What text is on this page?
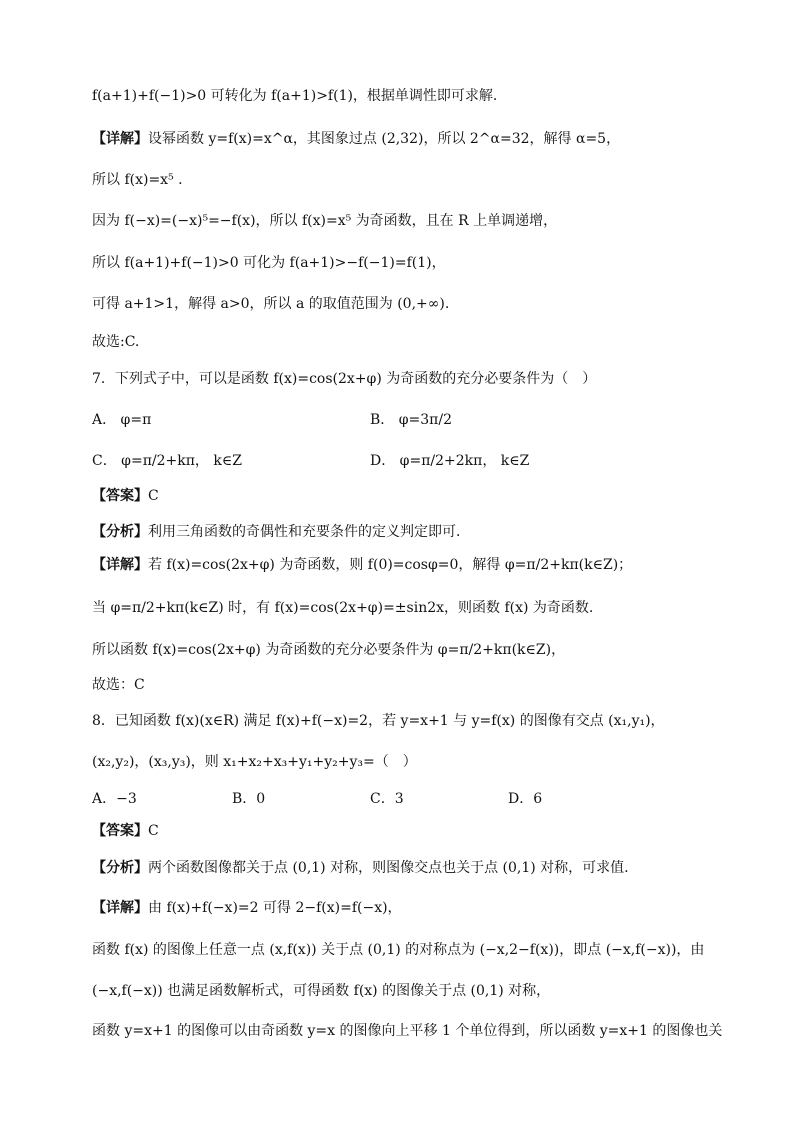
f(a+1)+f(−1)>0 可转化为 f(a+1)>f(1)，根据单调性即可求解.
【详解】设幂函数 y=f(x)=x^α，其图象过点 (2,32)，所以 2^α=32，解得 α=5，
所以 f(x)=x⁵ .
因为 f(−x)=(−x)⁵=−f(x)，所以 f(x)=x⁵ 为奇函数，且在 R 上单调递增，
所以 f(a+1)+f(−1)>0 可化为 f(a+1)>−f(−1)=f(1)，
可得 a+1>1，解得 a>0，所以 a 的取值范围为 (0,+∞).
故选:C.
7．下列式子中，可以是函数 f(x)=cos(2x+φ) 为奇函数的充分必要条件为（　）
A． φ=π	B． φ=3π/2
C． φ=π/2+kπ， k∈Z	D． φ=π/2+2kπ， k∈Z
【答案】C
【分析】利用三角函数的奇偶性和充要条件的定义判定即可．
【详解】若 f(x)=cos(2x+φ) 为奇函数，则 f(0)=cosφ=0，解得 φ=π/2+kπ(k∈Z)；
当 φ=π/2+kπ(k∈Z) 时，有 f(x)=cos(2x+φ)=±sin2x，则函数 f(x) 为奇函数.
所以函数 f(x)=cos(2x+φ) 为奇函数的充分必要条件为 φ=π/2+kπ(k∈Z)，
故选：C
8．已知函数 f(x)(x∈R) 满足 f(x)+f(−x)=2，若 y=x+1 与 y=f(x) 的图像有交点 (x₁,y₁)，
(x₂,y₂)，(x₃,y₃)，则 x₁+x₂+x₃+y₁+y₂+y₃=（　）
A．−3	B．0	C．3	D．6
【答案】C
【分析】两个函数图像都关于点 (0,1) 对称，则图像交点也关于点 (0,1) 对称，可求值.
【详解】由 f(x)+f(−x)=2 可得 2−f(x)=f(−x)，
函数 f(x) 的图像上任意一点 (x,f(x)) 关于点 (0,1) 的对称点为 (−x,2−f(x))，即点 (−x,f(−x))，由
(−x,f(−x)) 也满足函数解析式，可得函数 f(x) 的图像关于点 (0,1) 对称，
函数 y=x+1 的图像可以由奇函数 y=x 的图像向上平移 1 个单位得到，所以函数 y=x+1 的图像也关
